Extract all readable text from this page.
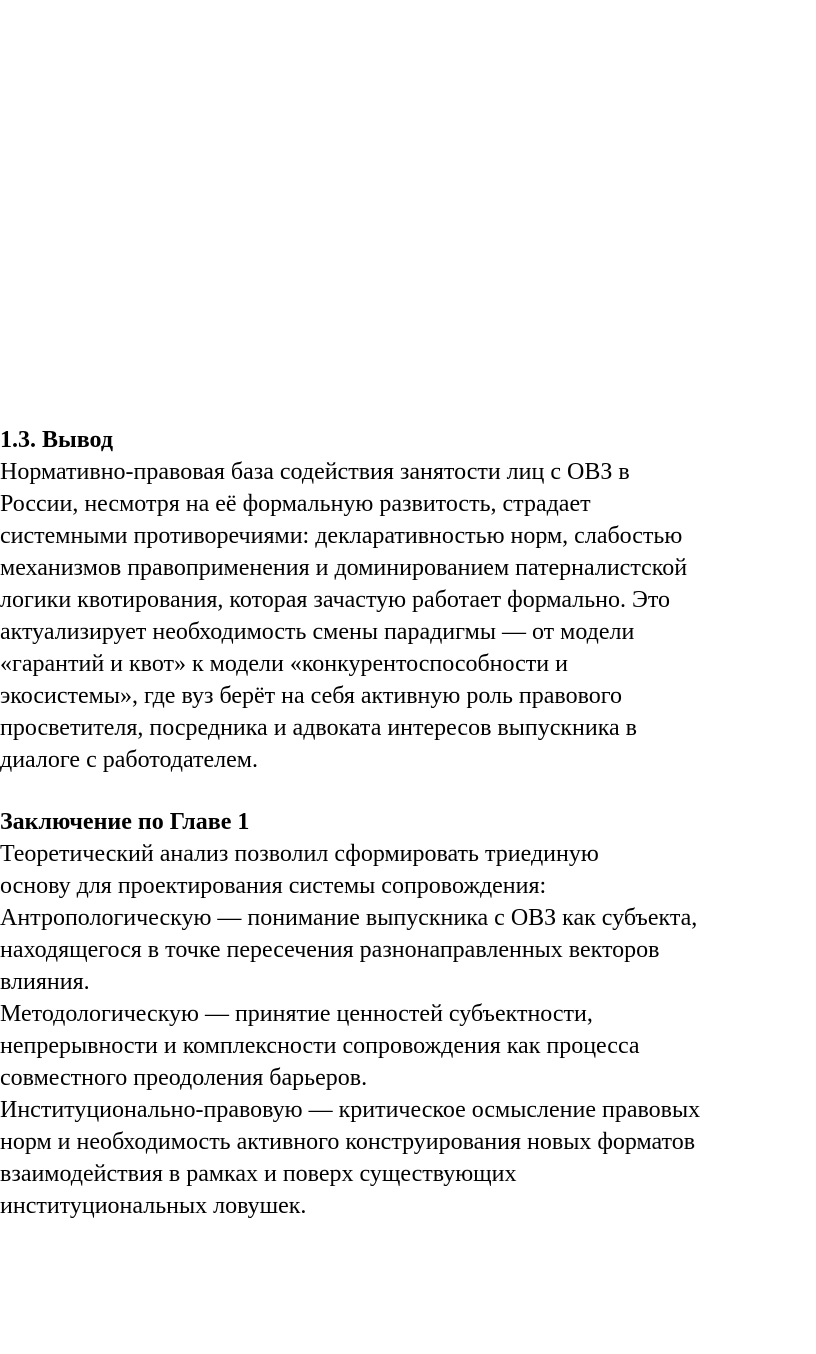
1.3. Вывод

Нормативно-правовая база содействия занятости лиц с ОВЗ в

России, несмотря на её формальную развитость, страдает

системными противоречиями: декларативностью норм, слабостью

механизмов правоприменения и доминированием патерналистской

логики квотирования, которая зачастую работает формально. Это

актуализирует необходимость смены парадигмы — от модели

«гарантий и квот» к модели «конкурентоспособности и

экосистемы», где вуз берёт на себя активную роль правового

просветителя, посредника и адвоката интересов выпускника в

диалоге с работодателем.

Заключение по Главе 1

Теоретический анализ позволил сформировать триединую

основу для проектирования системы сопровождения:

Антропологическую — понимание выпускника с ОВЗ как субъекта,

находящегося в точке пересечения разнонаправленных векторов

влияния.

Методологическую — принятие ценностей субъектности,

непрерывности и комплексности сопровождения как процесса

совместного преодоления барьеров.

Институционально-правовую — критическое осмысление правовых

норм и необходимость активного конструирования новых форматов

взаимодействия в рамках и поверх существующих

институциональных ловушек.
